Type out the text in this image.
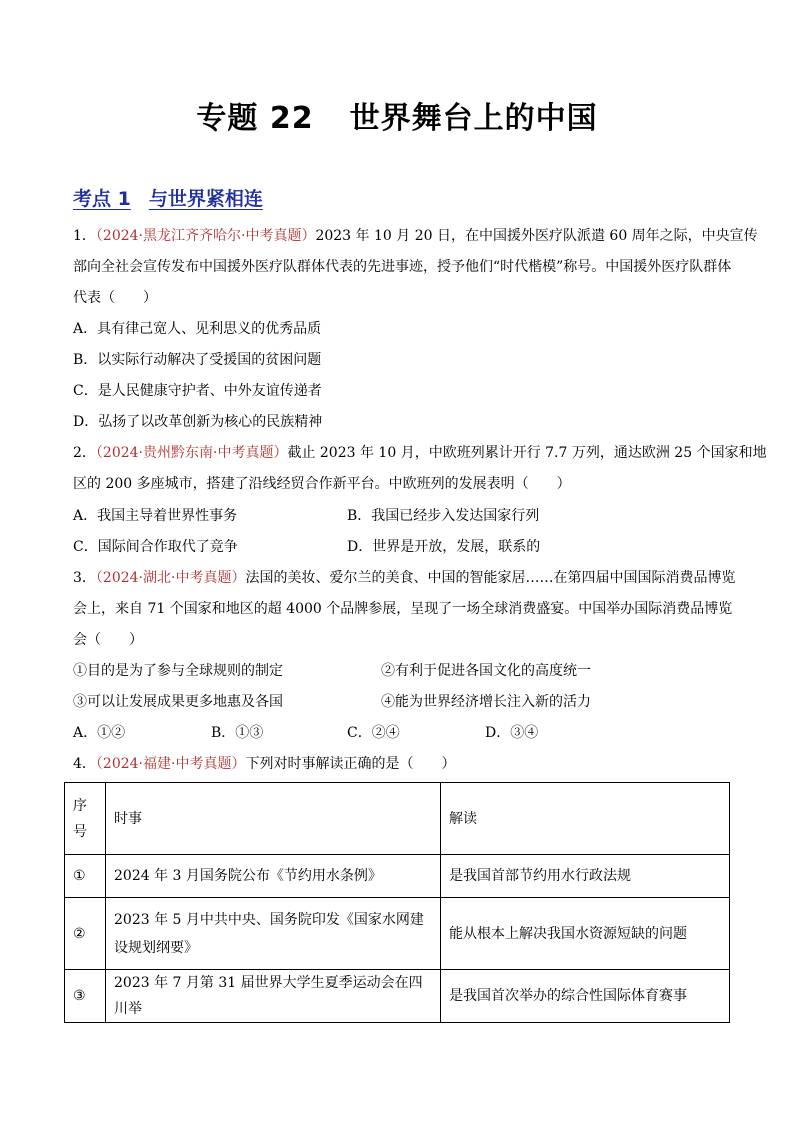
专题 22 世界舞台上的中国
考点 1 与世界紧相连
1．（2024·黑龙江齐齐哈尔·中考真题）2023 年 10 月 20 日，在中国援外医疗队派遣 60 周年之际，中央宣传
部向全社会宣传发布中国援外医疗队群体代表的先进事迹，授予他们“时代楷模”称号。中国援外医疗队群体
代表（　　）
A．具有律己宽人、见利思义的优秀品质
B．以实际行动解决了受援国的贫困问题
C．是人民健康守护者、中外友谊传递者
D．弘扬了以改革创新为核心的民族精神
2．（2024·贵州黔东南·中考真题）截止 2023 年 10 月，中欧班列累计开行 7.7 万列，通达欧洲 25 个国家和地
区的 200 多座城市，搭建了沿线经贸合作新平台。中欧班列的发展表明（　　）
A．我国主导着世界性事务	B．我国已经步入发达国家行列
C．国际间合作取代了竞争	D．世界是开放，发展，联系的
3．（2024·湖北·中考真题）法国的美妆、爱尔兰的美食、中国的智能家居……在第四届中国国际消费品博览
会上，来自 71 个国家和地区的超 4000 个品牌参展，呈现了一场全球消费盛宴。中国举办国际消费品博览
会（　　）
①目的是为了参与全球规则的制定	②有利于促进各国文化的高度统一
③可以让发展成果更多地惠及各国	④能为世界经济增长注入新的活力
A．①②	B．①③	C．②④	D．③④
4．（2024·福建·中考真题）下列对时事解读正确的是（　　）
序
号	时事	解读
①	2024 年 3 月国务院公布《节约用水条例》	是我国首部节约用水行政法规
②	2023 年 5 月中共中央、国务院印发《国家水网建设规划纲要》	能从根本上解决我国水资源短缺的问题
③	2023 年 7 月第 31 届世界大学生夏季运动会在四川举	是我国首次举办的综合性国际体育赛事
